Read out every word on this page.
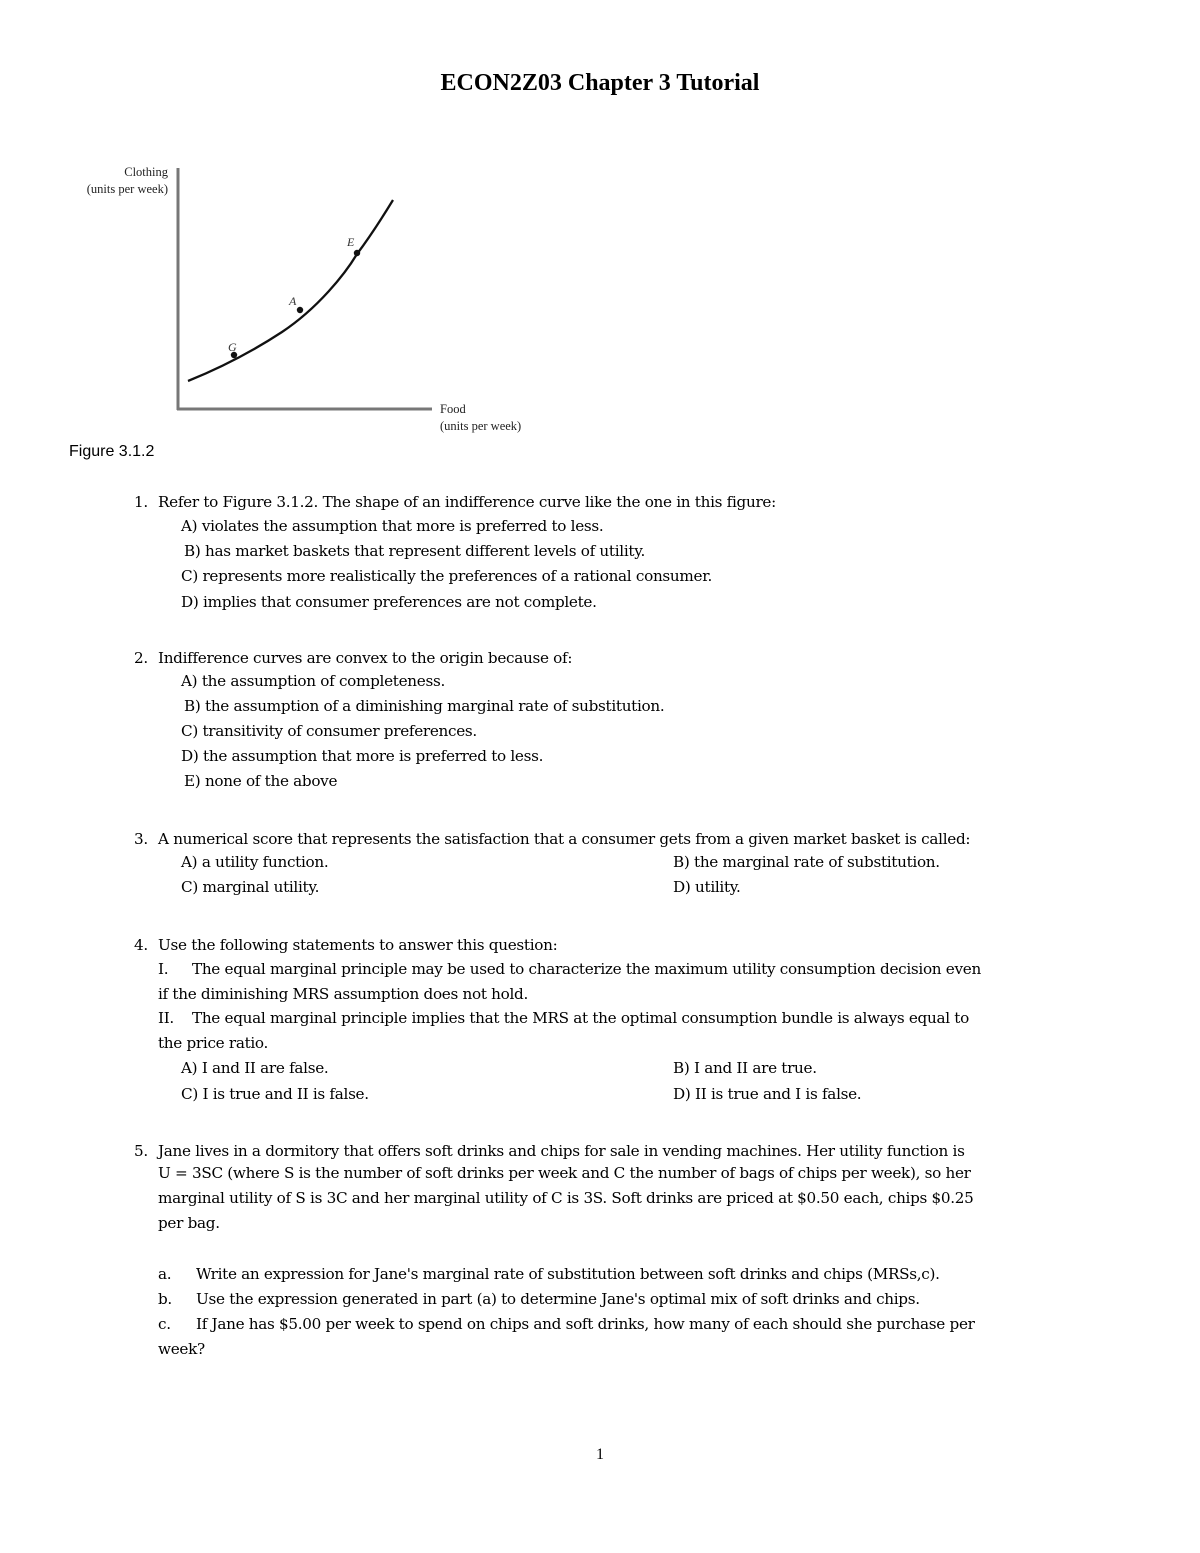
ECON2Z03 Chapter 3 Tutorial
Clothing
(units per week)
Food
(units per week)
G
A
E
Figure 3.1.2
1. Refer to Figure 3.1.2. The shape of an indifference curve like the one in this figure:
A) violates the assumption that more is preferred to less.
B) has market baskets that represent different levels of utility.
C) represents more realistically the preferences of a rational consumer.
D) implies that consumer preferences are not complete.
2. Indifference curves are convex to the origin because of:
A) the assumption of completeness.
B) the assumption of a diminishing marginal rate of substitution.
C) transitivity of consumer preferences.
D) the assumption that more is preferred to less.
E) none of the above
3. A numerical score that represents the satisfaction that a consumer gets from a given market basket is called:
A) a utility function.	B) the marginal rate of substitution.
C) marginal utility.	D) utility.
4. Use the following statements to answer this question:
I. The equal marginal principle may be used to characterize the maximum utility consumption decision even
if the diminishing MRS assumption does not hold.
II. The equal marginal principle implies that the MRS at the optimal consumption bundle is always equal to
the price ratio.
A) I and II are false.	B) I and II are true.
C) I is true and II is false.	D) II is true and I is false.
5. Jane lives in a dormitory that offers soft drinks and chips for sale in vending machines. Her utility function is
U = 3SC (where S is the number of soft drinks per week and C the number of bags of chips per week), so her
marginal utility of S is 3C and her marginal utility of C is 3S. Soft drinks are priced at $0.50 each, chips $0.25
per bag.
a. Write an expression for Jane's marginal rate of substitution between soft drinks and chips (MRSs,c).
b. Use the expression generated in part (a) to determine Jane's optimal mix of soft drinks and chips.
c. If Jane has $5.00 per week to spend on chips and soft drinks, how many of each should she purchase per
week?
1
